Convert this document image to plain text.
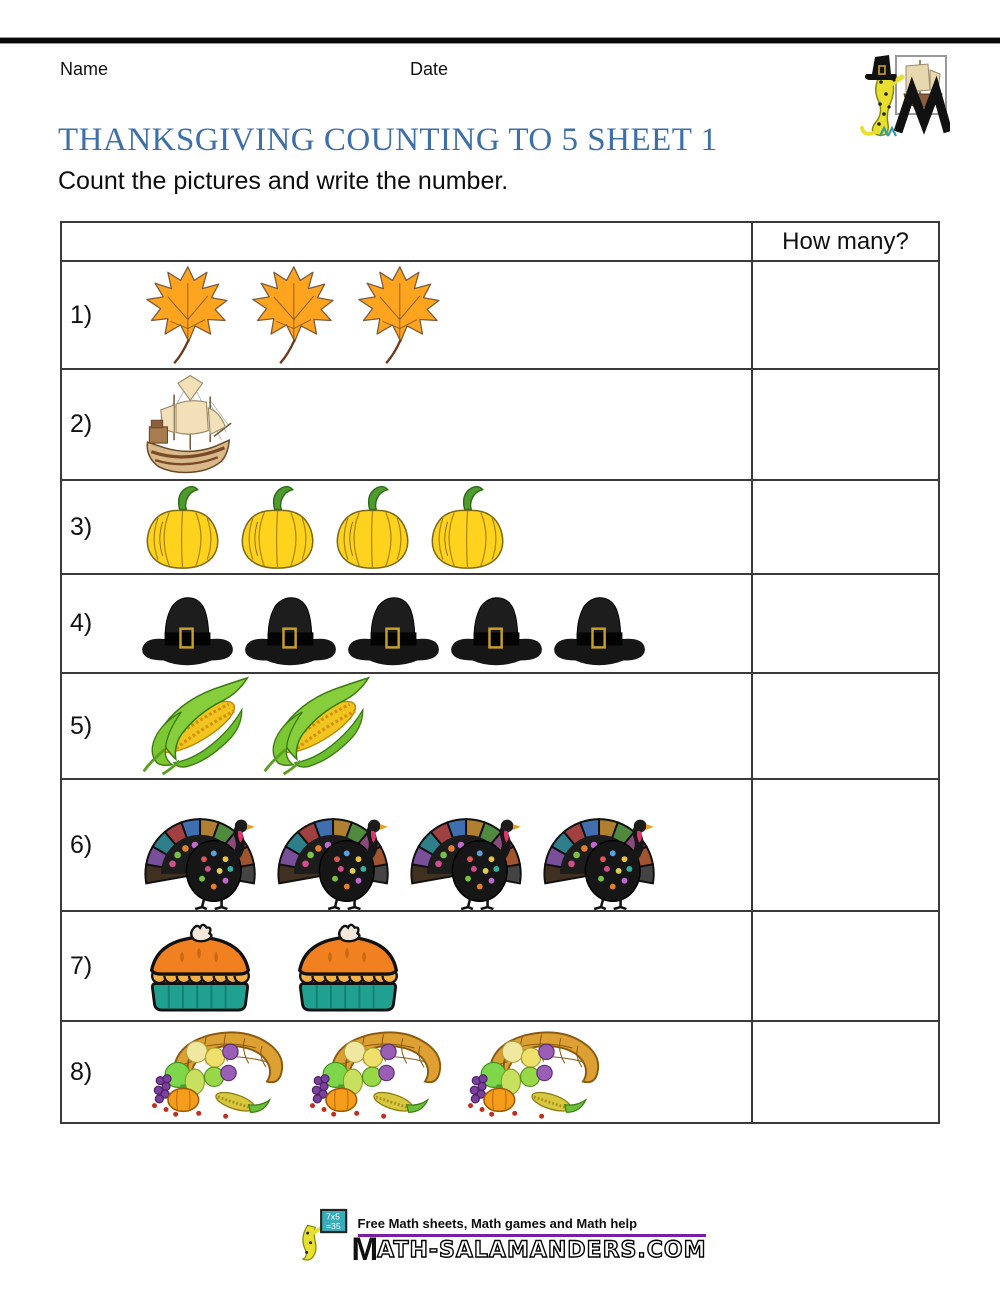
Name	Date
THANKSGIVING COUNTING TO 5 SHEET 1

Count the pictures and write the number.

How many?
1)
2)
3)
4)
5)
6)
7)
8)
7x5
=35 Free Math sheets, Math games and Math help
M ATH-SALAMANDERS.COM
